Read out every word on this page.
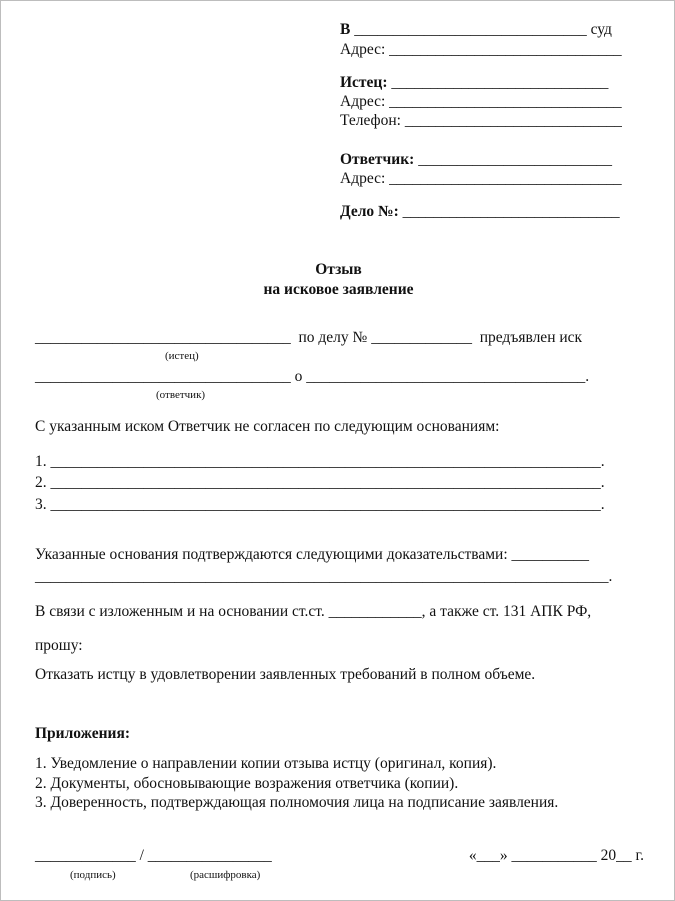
В ______________________________ суд
Адрес: ______________________________
Истец: ____________________________
Адрес: ______________________________
Телефон: ____________________________
Ответчик: _________________________
Адрес: ______________________________
Дело №: ____________________________
Отзыв
на исковое заявление
_________________________________  по делу № _____________  предъявлен иск
(истец)
_________________________________ о ____________________________________.
(ответчик)
С указанным иском Ответчик не согласен по следующим основаниям:
1. _______________________________________________________________________.
2. _______________________________________________________________________.
3. _______________________________________________________________________.
Указанные основания подтверждаются следующими доказательствами: __________
__________________________________________________________________________.
В связи с изложенным и на основании ст.ст. ____________, а также ст. 131 АПК РФ,
прошу:
Отказать истцу в удовлетворении заявленных требований в полном объеме.
Приложения:
1. Уведомление о направлении копии отзыва истцу (оригинал, копия).
2. Документы, обосновывающие возражения ответчика (копии).
3. Доверенность, подтверждающая полномочия лица на подписание заявления.
_____________ / ________________
(подпись)	(расшифровка)
«___» ___________ 20__ г.
